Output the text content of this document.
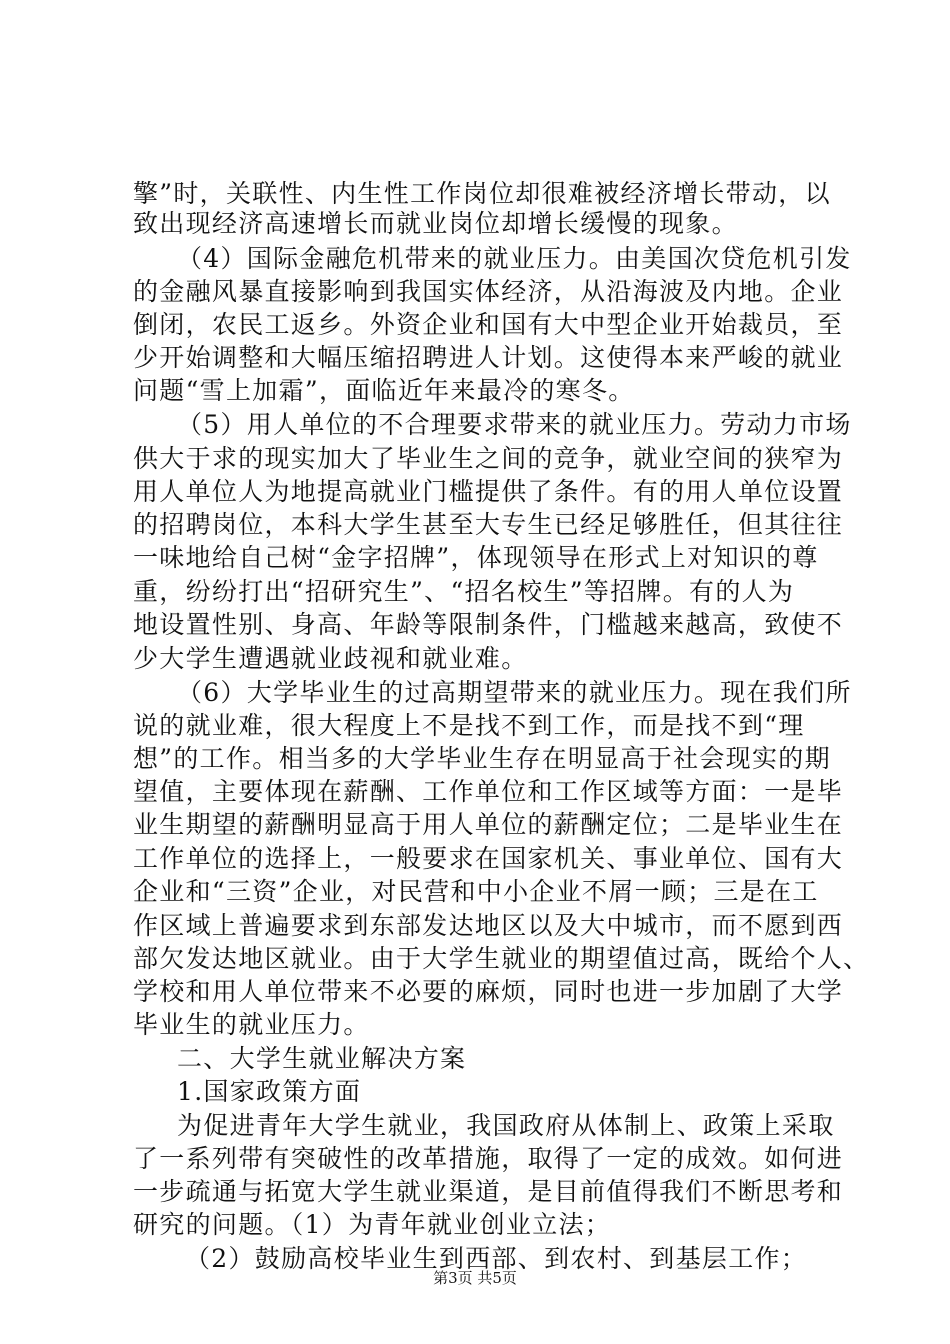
擎”时，关联性、内生性工作岗位却很难被经济增长带动，以
致出现经济高速增长而就业岗位却增长缓慢的现象。
（4）国际金融危机带来的就业压力。由美国次贷危机引发
的金融风暴直接影响到我国实体经济，从沿海波及内地。企业
倒闭，农民工返乡。外资企业和国有大中型企业开始裁员，至
少开始调整和大幅压缩招聘进人计划。这使得本来严峻的就业
问题“雪上加霜”，面临近年来最冷的寒冬。
（5）用人单位的不合理要求带来的就业压力。劳动力市场
供大于求的现实加大了毕业生之间的竞争，就业空间的狭窄为
用人单位人为地提高就业门槛提供了条件。有的用人单位设置
的招聘岗位，本科大学生甚至大专生已经足够胜任，但其往往
一味地给自己树“金字招牌”，体现领导在形式上对知识的尊
重，纷纷打出“招研究生”、“招名校生”等招牌。有的人为
地设置性别、身高、年龄等限制条件，门槛越来越高，致使不
少大学生遭遇就业歧视和就业难。
（6）大学毕业生的过高期望带来的就业压力。现在我们所
说的就业难，很大程度上不是找不到工作，而是找不到“理
想”的工作。相当多的大学毕业生存在明显高于社会现实的期
望值，主要体现在薪酬、工作单位和工作区域等方面：一是毕
业生期望的薪酬明显高于用人单位的薪酬定位；二是毕业生在
工作单位的选择上，一般要求在国家机关、事业单位、国有大
企业和“三资”企业，对民营和中小企业不屑一顾；三是在工
作区域上普遍要求到东部发达地区以及大中城市，而不愿到西
部欠发达地区就业。由于大学生就业的期望值过高，既给个人、
学校和用人单位带来不必要的麻烦，同时也进一步加剧了大学
毕业生的就业压力。
二、大学生就业解决方案
1.国家政策方面
为促进青年大学生就业，我国政府从体制上、政策上采取
了一系列带有突破性的改革措施，取得了一定的成效。如何进
一步疏通与拓宽大学生就业渠道，是目前值得我们不断思考和
研究的问题。（1）为青年就业创业立法；
（2）鼓励高校毕业生到西部、到农村、到基层工作；
第3页 共5页
